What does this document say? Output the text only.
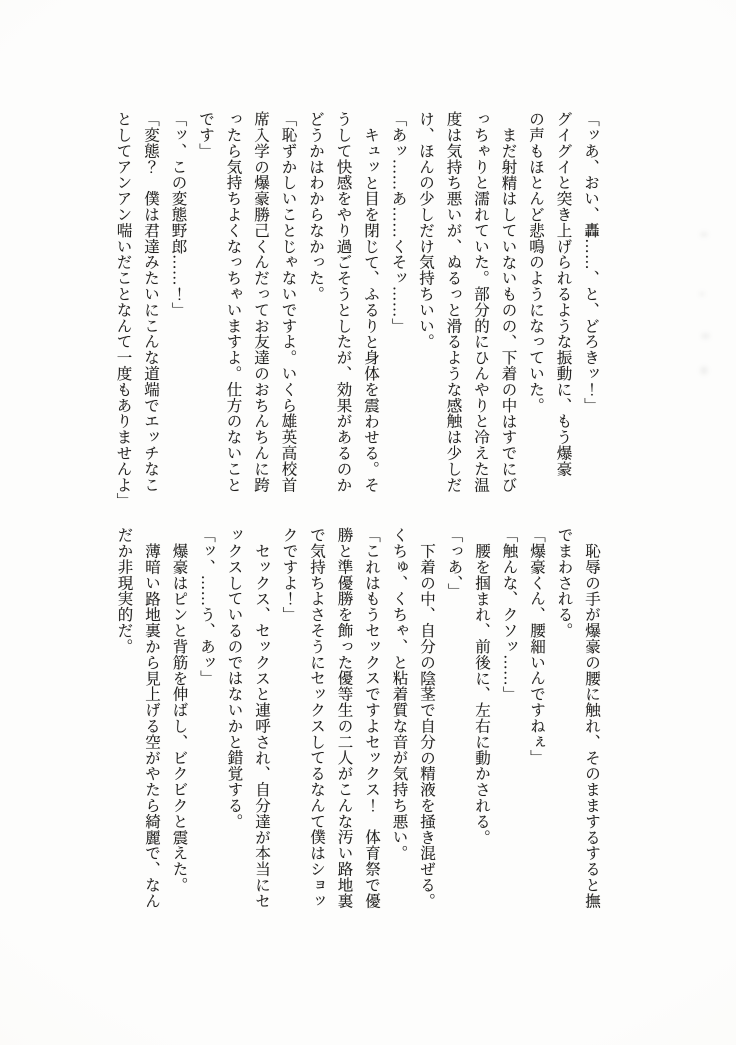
「ッあ、おい、轟……、と、どろきッ！」
グイグイと突き上げられるような振動に、もう爆豪
の声もほとんど悲鳴のようになっていた。
まだ射精はしていないものの、下着の中はすでにび
っちゃりと濡れていた。部分的にひんやりと冷えた温
度は気持ち悪いが、ぬるっと滑るような感触は少しだ
け、ほんの少しだけ気持ちいい。
「あッ……あ……くそッ……」
キュッと目を閉じて、ふるりと身体を震わせる。そ
うして快感をやり過ごそうとしたが、効果があるのか
どうかはわからなかった。
「恥ずかしいことじゃないですよ。いくら雄英高校首
席入学の爆豪勝己くんだってお友達のおちんちんに跨
ったら気持ちよくなっちゃいますよ。仕方のないこと
です」
「ッ、この変態野郎……！」
「変態？　僕は君達みたいにこんな道端でエッチなこ
としてアンアン喘いだことなんて一度もありませんよ」
恥辱の手が爆豪の腰に触れ、そのままするすると撫
でまわされる。
「爆豪くん、腰細いんですねぇ」
「触んな、クソッ……」
腰を掴まれ、前後に、左右に動かされる。
「っあ、」
下着の中、自分の陰茎で自分の精液を掻き混ぜる。
くちゅ、くちゃ、と粘着質な音が気持ち悪い。
「これはもうセックスですよセックス！　体育祭で優
勝と準優勝を飾った優等生の二人がこんな汚い路地裏
で気持ちよさそうにセックスしてるなんて僕はショッ
クですよ！」
セックス、セックスと連呼され、自分達が本当にセ
ックスしているのではないかと錯覚する。
「ッ、……う、あッ」
爆豪はピンと背筋を伸ばし、ビクビクと震えた。
薄暗い路地裏から見上げる空がやたら綺麗で、なん
だか非現実的だ。
